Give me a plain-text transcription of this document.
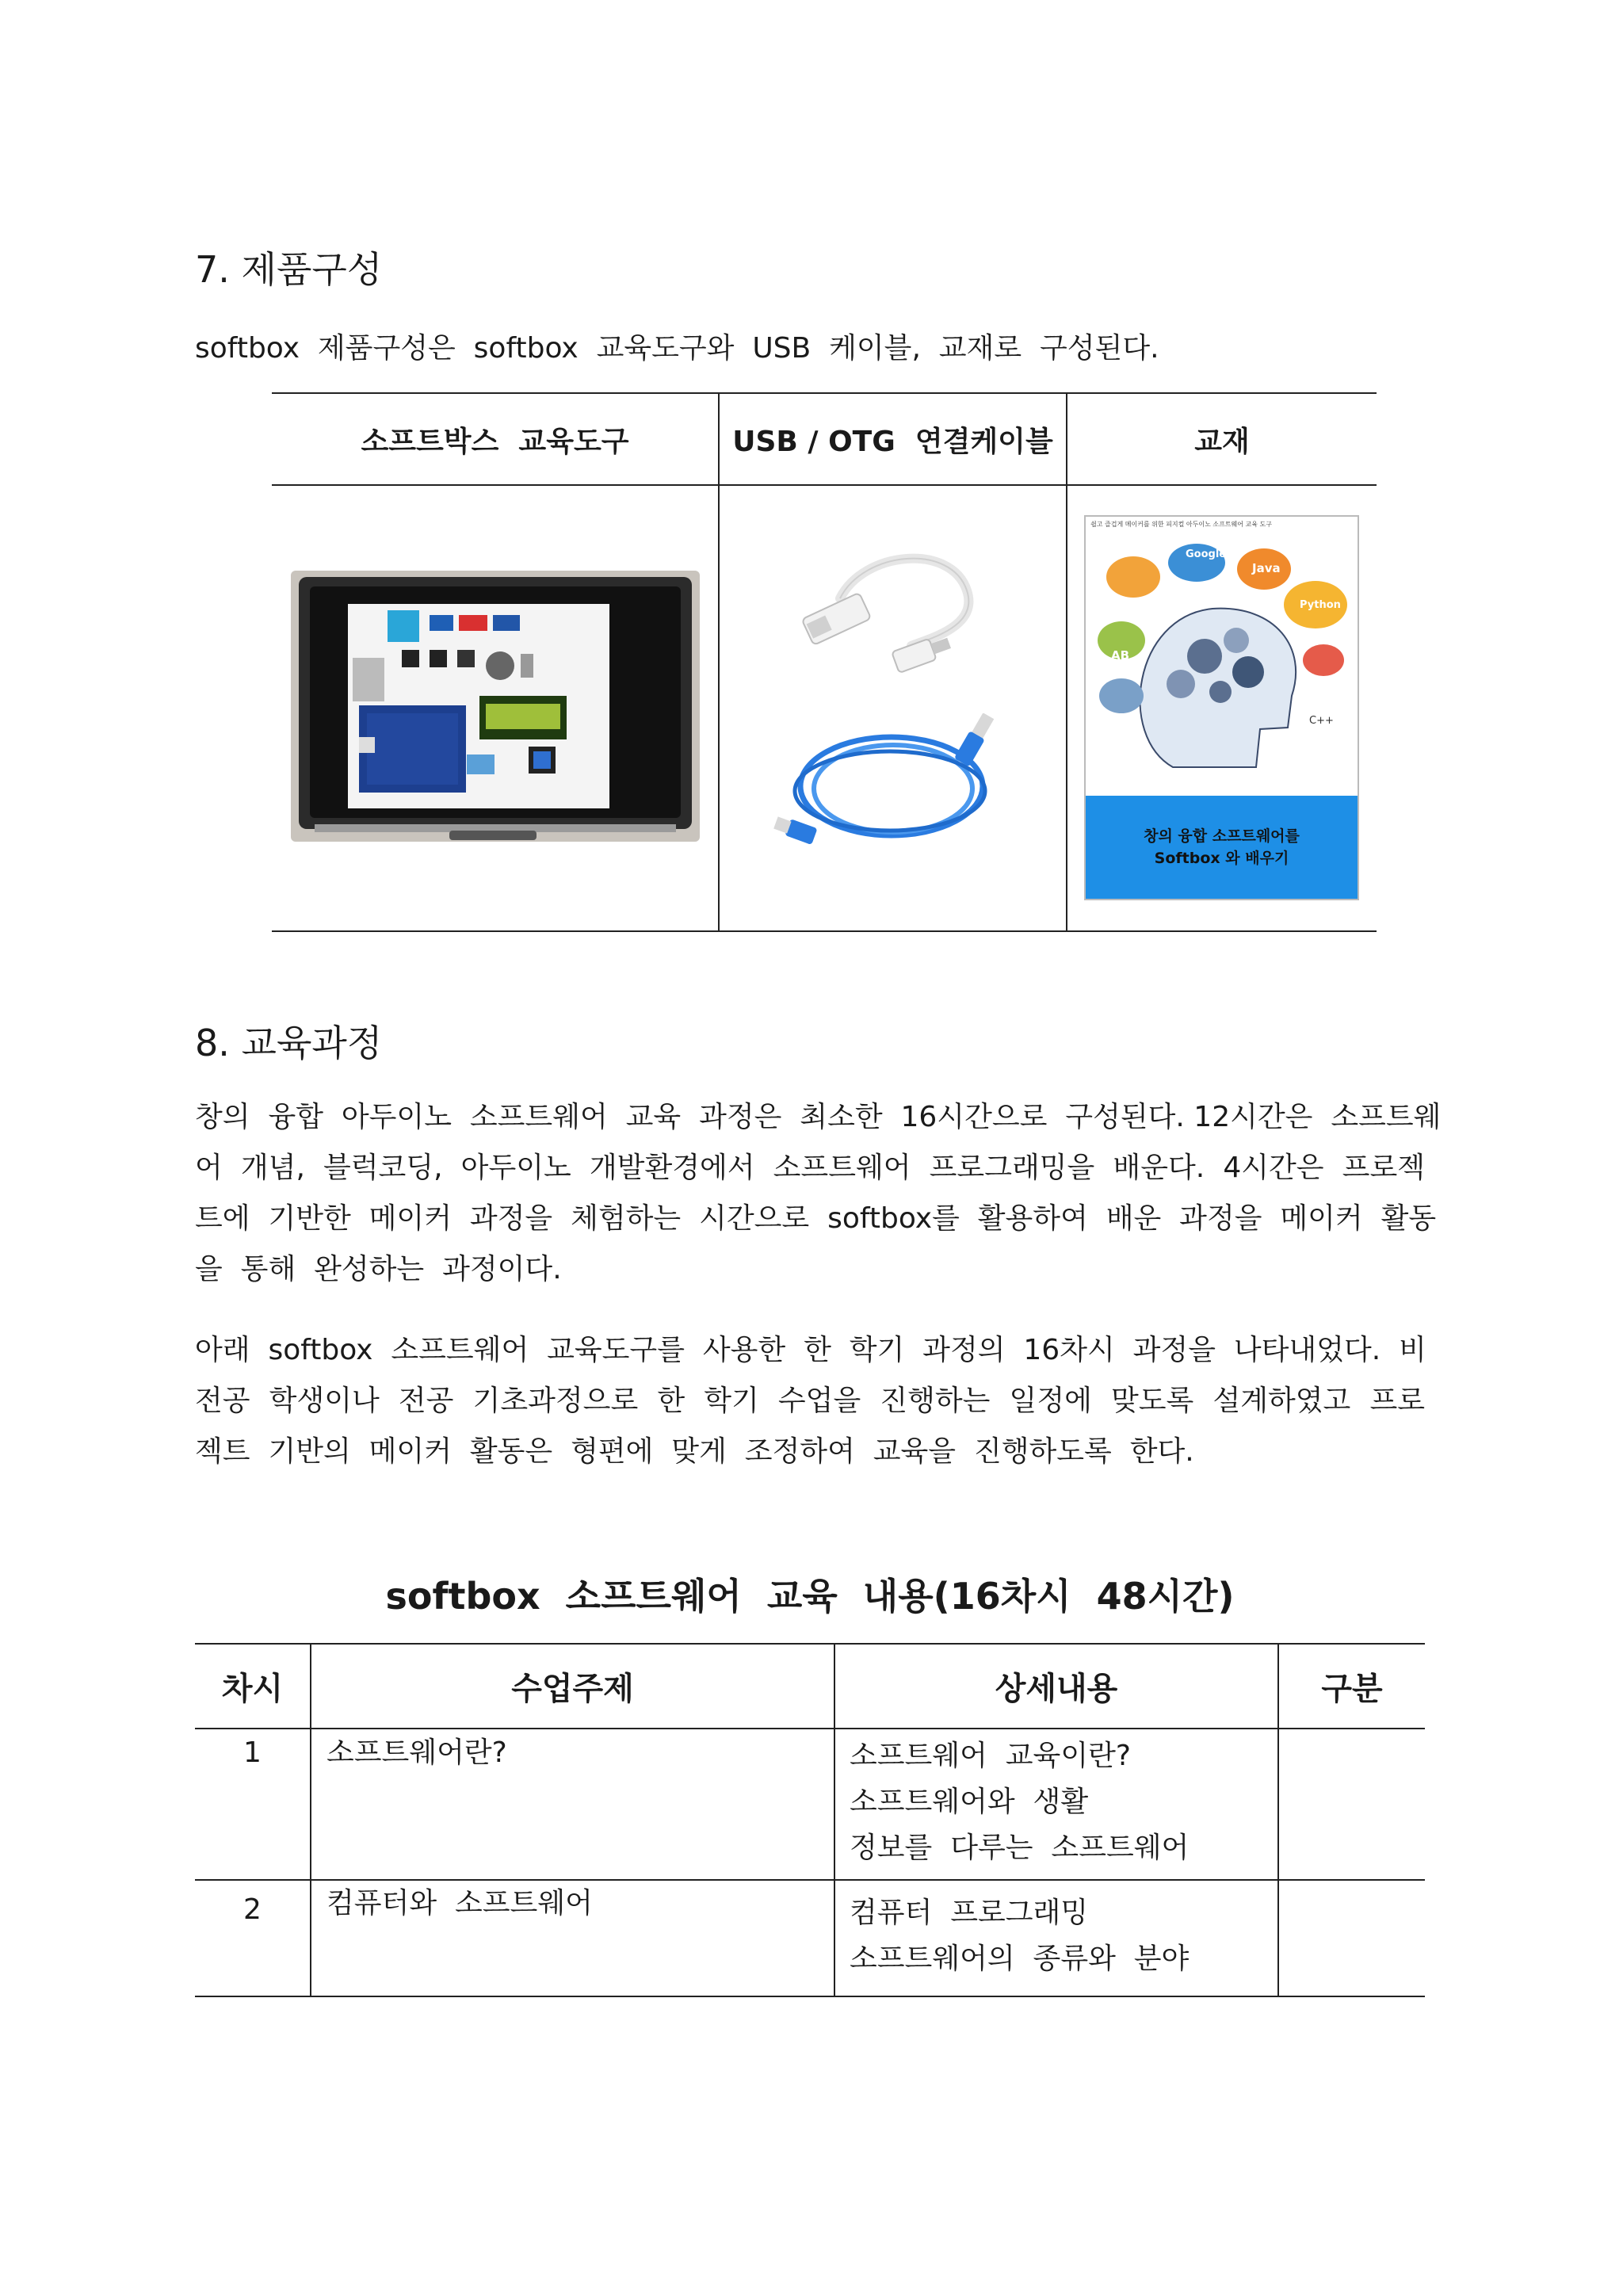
7. 제품구성
softbox  제품구성은  softbox  교육도구와  USB  케이블,  교재로  구성된다.
소프트박스  교육도구	USB / OTG  연결케이블	교재
쉽고 즐겁게 메이커를 위한 피지컬 아두이노 소프트웨어 교육 도구
Google
Java
Python
AB
C++
창의 융합 소프트웨어를
Softbox 와 배우기
8. 교육과정
창의  융합  아두이노  소프트웨어  교육  과정은  최소한  16시간으로  구성된다. 12시간은  소프트웨
어  개념,  블럭코딩,  아두이노  개발환경에서  소프트웨어  프로그래밍을  배운다.  4시간은  프로젝
트에  기반한  메이커  과정을  체험하는  시간으로  softbox를  활용하여  배운  과정을  메이커  활동
을  통해  완성하는  과정이다.
아래  softbox  소프트웨어  교육도구를  사용한  한  학기  과정의  16차시  과정을  나타내었다.  비
전공  학생이나  전공  기초과정으로  한  학기  수업을  진행하는  일정에  맞도록  설계하였고  프로
젝트  기반의  메이커  활동은  형편에  맞게  조정하여  교육을  진행하도록  한다.
softbox  소프트웨어  교육  내용(16차시  48시간)
차시	수업주제	상세내용	구분
1	소프트웨어란?	소프트웨어  교육이란?
소프트웨어와  생활
정보를  다루는  소프트웨어
2	컴퓨터와  소프트웨어	컴퓨터  프로그래밍
소프트웨어의  종류와  분야
